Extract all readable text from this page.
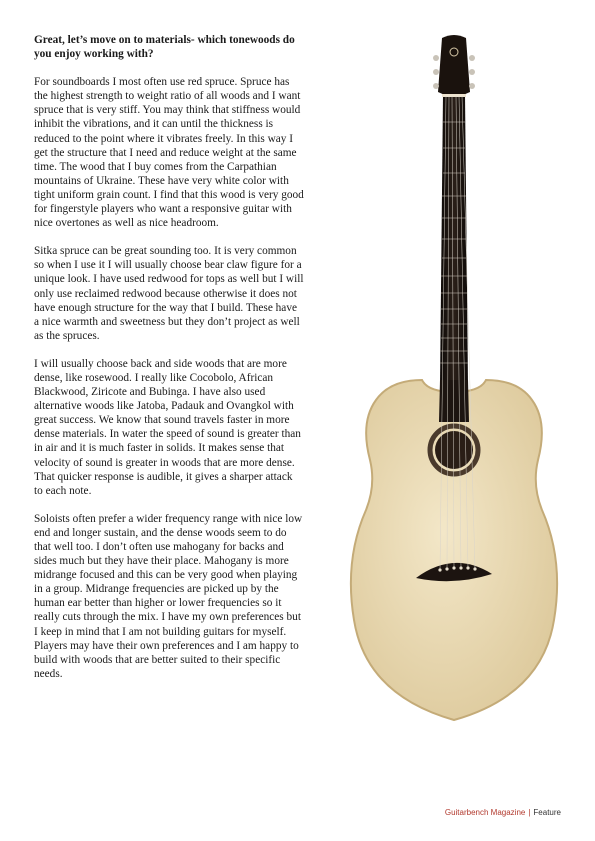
Great, let’s move on to materials- which tonewoods do you enjoy working with?

For soundboards I most often use red spruce. Spruce has the highest strength to weight ratio of all woods and I want spruce that is very stiff. You may think that stiffness would inhibit the vibrations, and it can until the thickness is reduced to the point where it vibrates freely. In this way I get the structure that I need and reduce weight at the same time. The wood that I buy comes from the Carpathian mountains of Ukraine. These have very white color with tight uniform grain count. I find that this wood is very good for fingerstyle players who want a responsive guitar with nice overtones as well as nice headroom.

Sitka spruce can be great sounding too. It is very common so when I use it I will usually choose bear claw figure for a unique look. I have used redwood for tops as well but I will only use reclaimed redwood because otherwise it does not have enough structure for the way that I build. These have a nice warmth and sweetness but they don’t project as well as the spruces.

I will usually choose back and side woods that are more dense, like rosewood. I really like Cocobolo, African Blackwood, Ziricote and Bubinga. I have also used alternative woods like Jatoba, Padauk and Ovangkol with great success. We know that sound travels faster in more dense materials. In water the speed of sound is greater than in air and it is much faster in solids. It makes sense that velocity of sound is greater in woods that are more dense. That quicker response is audible, it gives a sharper attack to each note.

Soloists often prefer a wider frequency range with nice low end and longer sustain, and the dense woods seem to do that well too. I don’t often use mahogany for backs and sides much but they have their place. Mahogany is more midrange focused and this can be very good when playing in a group. Midrange frequencies are picked up by the human ear better than higher or lower frequencies so it really cuts through the mix. I have my own preferences but I keep in mind that I am not building guitars for myself. Players may have their own preferences and I am happy to build with woods that are better suited to their specific needs.

Guitarbench Magazine | Feature
